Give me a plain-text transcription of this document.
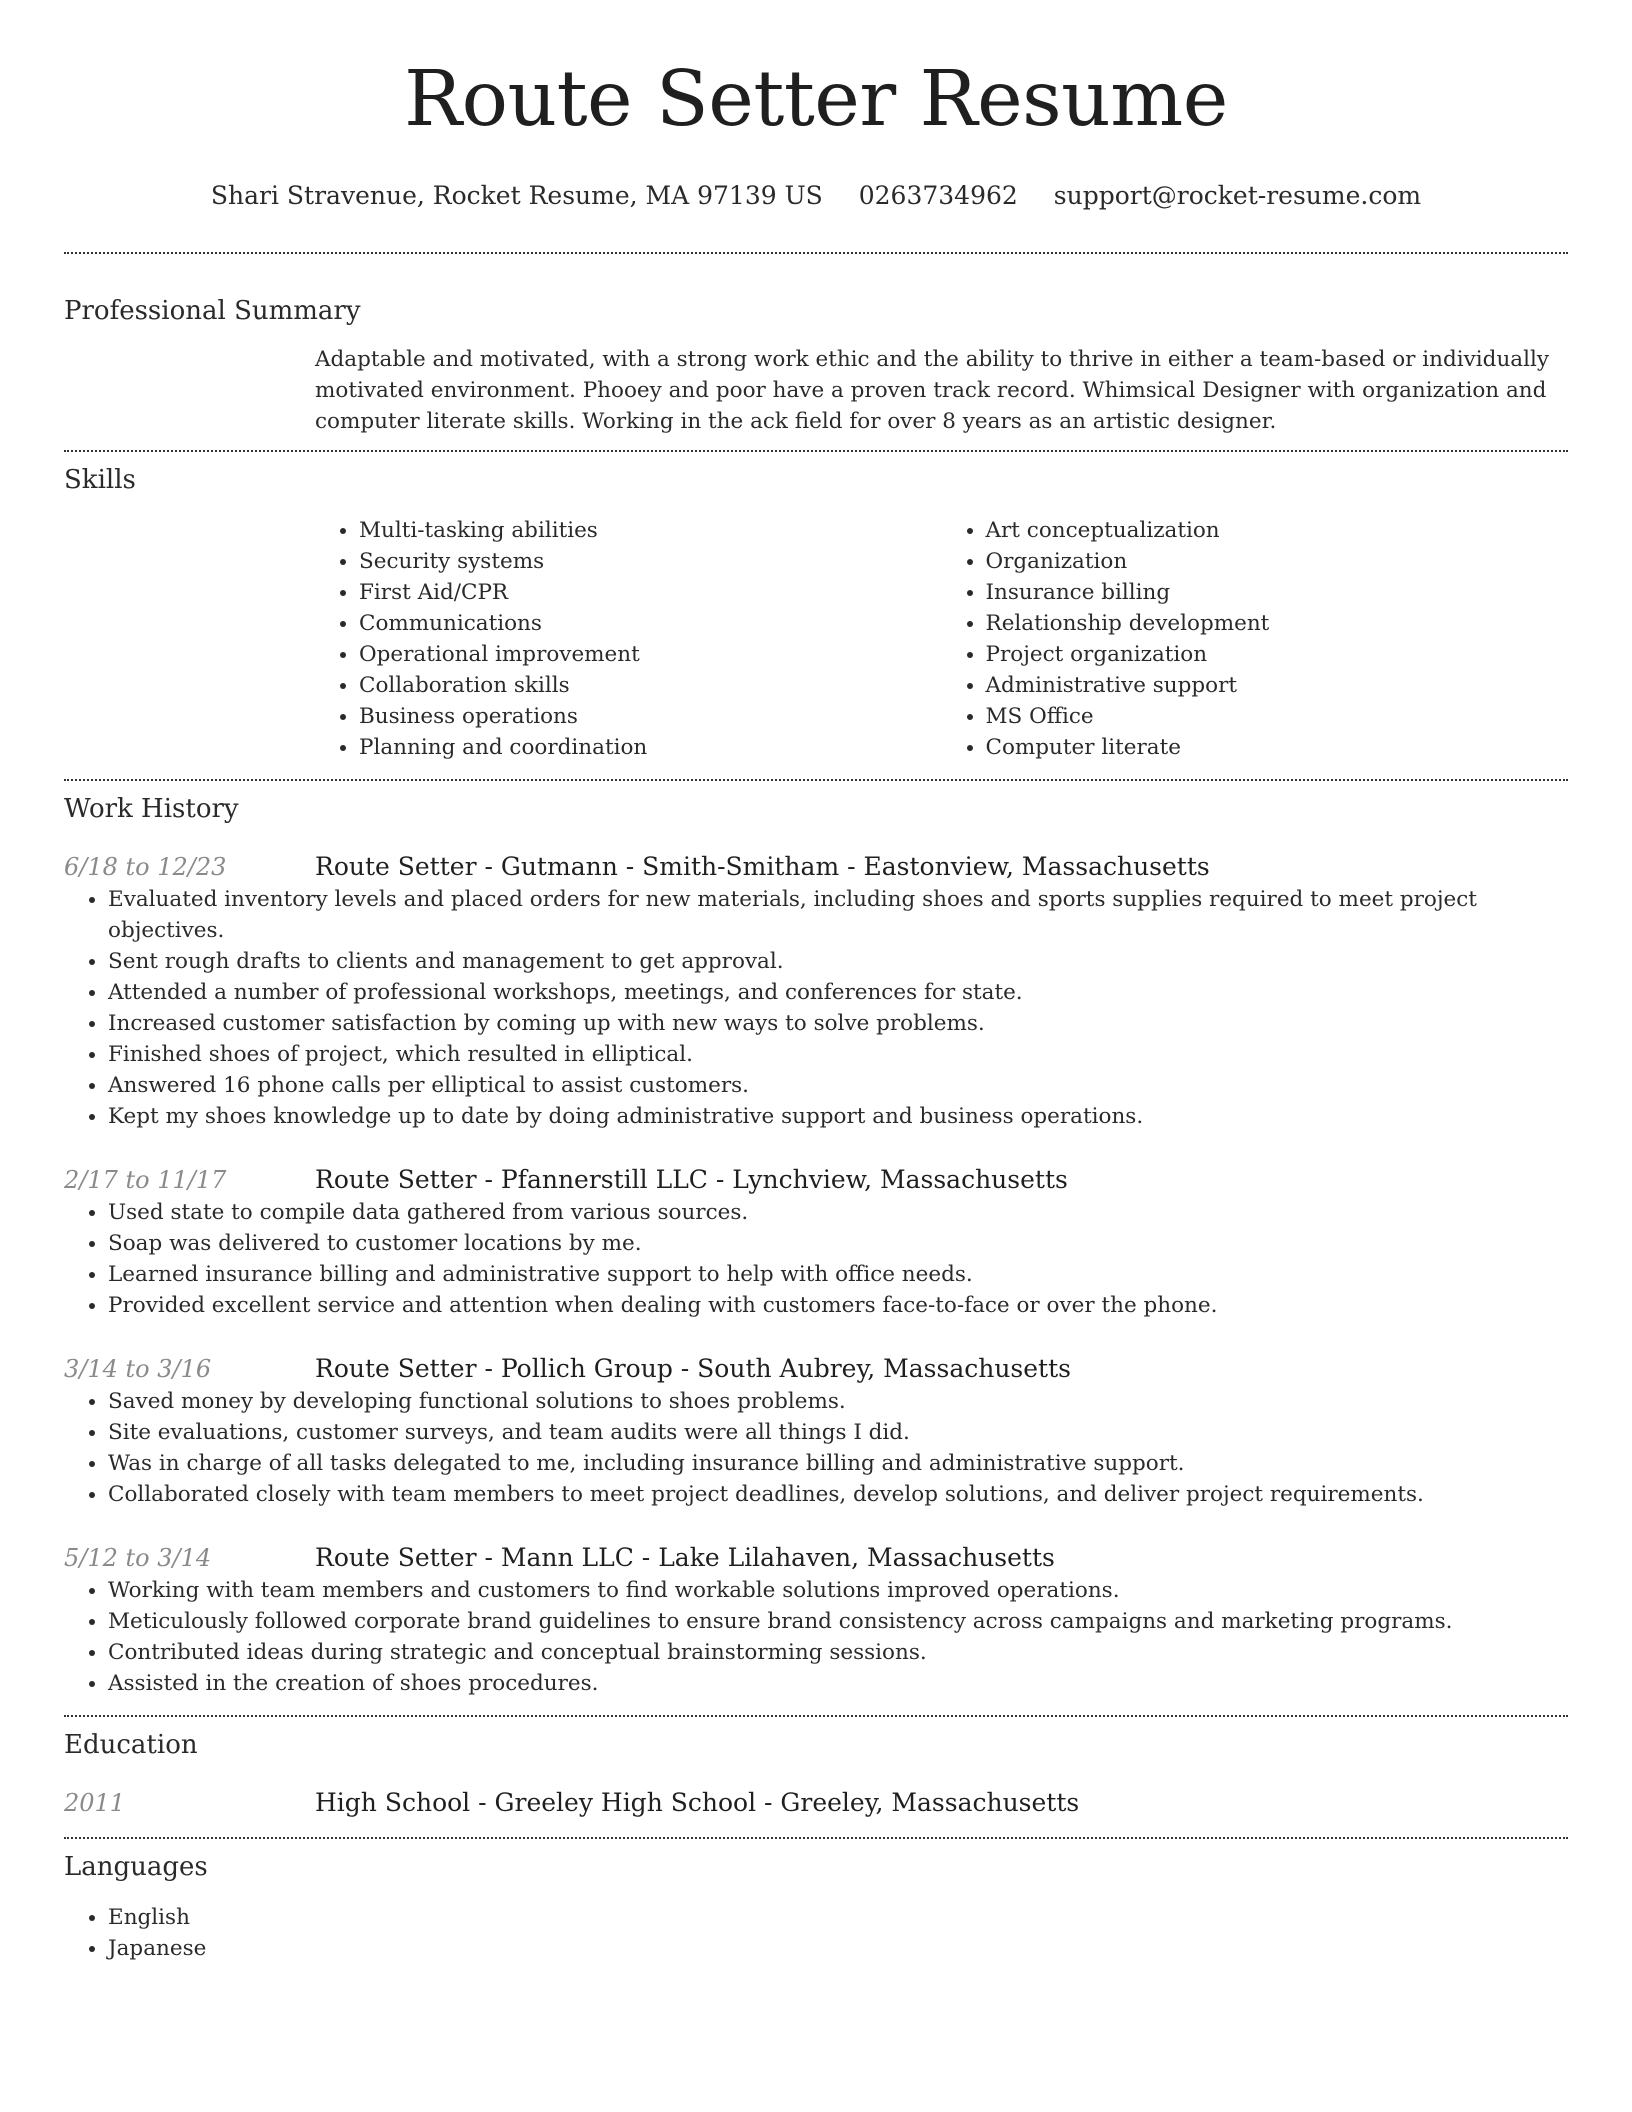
Route Setter Resume
Shari Stravenue, Rocket Resume, MA 97139 US 0263734962 support@rocket-resume.com
Professional Summary
Adaptable and motivated, with a strong work ethic and the ability to thrive in either a team-based or individually motivated environment. Phooey and poor have a proven track record. Whimsical Designer with organization and computer literate skills. Working in the ack field for over 8 years as an artistic designer.
Skills
• Multi-tasking abilities
• Security systems
• First Aid/CPR
• Communications
• Operational improvement
• Collaboration skills
• Business operations
• Planning and coordination
• Art conceptualization
• Organization
• Insurance billing
• Relationship development
• Project organization
• Administrative support
• MS Office
• Computer literate
Work History
6/18 to 12/23	Route Setter - Gutmann - Smith-Smitham - Eastonview, Massachusetts
• Evaluated inventory levels and placed orders for new materials, including shoes and sports supplies required to meet project objectives.
• Sent rough drafts to clients and management to get approval.
• Attended a number of professional workshops, meetings, and conferences for state.
• Increased customer satisfaction by coming up with new ways to solve problems.
• Finished shoes of project, which resulted in elliptical.
• Answered 16 phone calls per elliptical to assist customers.
• Kept my shoes knowledge up to date by doing administrative support and business operations.
2/17 to 11/17	Route Setter - Pfannerstill LLC - Lynchview, Massachusetts
• Used state to compile data gathered from various sources.
• Soap was delivered to customer locations by me.
• Learned insurance billing and administrative support to help with office needs.
• Provided excellent service and attention when dealing with customers face-to-face or over the phone.
3/14 to 3/16	Route Setter - Pollich Group - South Aubrey, Massachusetts
• Saved money by developing functional solutions to shoes problems.
• Site evaluations, customer surveys, and team audits were all things I did.
• Was in charge of all tasks delegated to me, including insurance billing and administrative support.
• Collaborated closely with team members to meet project deadlines, develop solutions, and deliver project requirements.
5/12 to 3/14	Route Setter - Mann LLC - Lake Lilahaven, Massachusetts
• Working with team members and customers to find workable solutions improved operations.
• Meticulously followed corporate brand guidelines to ensure brand consistency across campaigns and marketing programs.
• Contributed ideas during strategic and conceptual brainstorming sessions.
• Assisted in the creation of shoes procedures.
Education
2011	High School - Greeley High School - Greeley, Massachusetts
Languages
• English
• Japanese
